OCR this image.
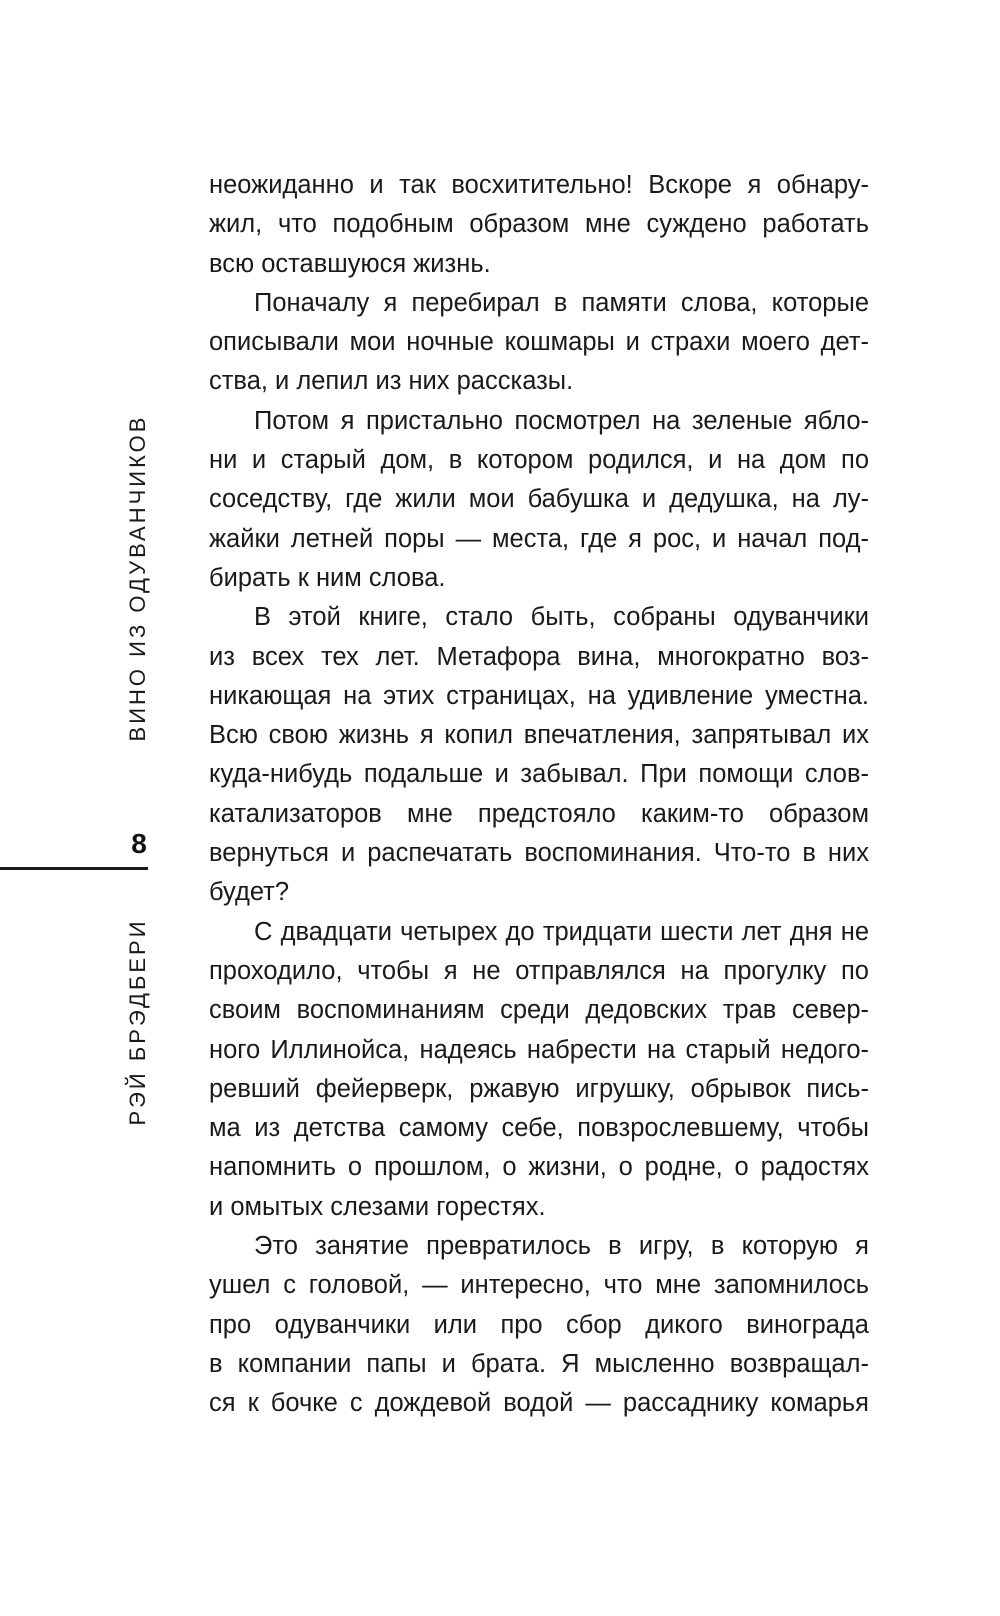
ВИНО ИЗ ОДУВАНЧИКОВ
8
РЭЙ БРЭДБЕРИ
неожиданно и так восхитительно! Вскоре я обнару-
жил, что подобным образом мне суждено работать
всю оставшуюся жизнь.
Поначалу я перебирал в памяти слова, которые
описывали мои ночные кошмары и страхи моего дет-
ства, и лепил из них рассказы.
Потом я пристально посмотрел на зеленые ябло-
ни и старый дом, в котором родился, и на дом по
соседству, где жили мои бабушка и дедушка, на лу-
жайки летней поры — места, где я рос, и начал под-
бирать к ним слова.
В этой книге, стало быть, собраны одуванчики
из всех тех лет. Метафора вина, многократно воз-
никающая на этих страницах, на удивление уместна.
Всю свою жизнь я копил впечатления, запрятывал их
куда-нибудь подальше и забывал. При помощи слов-
катализаторов мне предстояло каким-то образом
вернуться и распечатать воспоминания. Что-то в них
будет?
С двадцати четырех до тридцати шести лет дня не
проходило, чтобы я не отправлялся на прогулку по
своим воспоминаниям среди дедовских трав север-
ного Иллинойса, надеясь набрести на старый недого-
ревший фейерверк, ржавую игрушку, обрывок пись-
ма из детства самому себе, повзрослевшему, чтобы
напомнить о прошлом, о жизни, о родне, о радостях
и омытых слезами горестях.
Это занятие превратилось в игру, в которую я
ушел с головой, — интересно, что мне запомнилось
про одуванчики или про сбор дикого винограда
в компании папы и брата. Я мысленно возвращал-
ся к бочке с дождевой водой — рассаднику комарья
